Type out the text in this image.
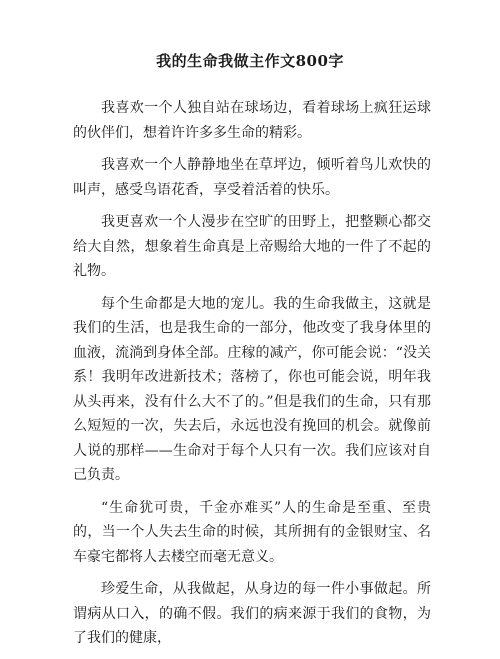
我的生命我做主作文800字

我喜欢一个人独自站在球场边，看着球场上疯狂运球的伙伴们，想着许许多多生命的精彩。

我喜欢一个人静静地坐在草坪边，倾听着鸟儿欢快的叫声，感受鸟语花香，享受着活着的快乐。

我更喜欢一个人漫步在空旷的田野上，把整颗心都交给大自然，想象着生命真是上帝赐给大地的一件了不起的礼物。

每个生命都是大地的宠儿。我的生命我做主，这就是我们的生活，也是我生命的一部分，他改变了我身体里的血液，流淌到身体全部。庄稼的减产，你可能会说：“没关系！我明年改进新技术；落榜了，你也可能会说，明年我从头再来，没有什么大不了的。”但是我们的生命，只有那么短短的一次，失去后，永远也没有挽回的机会。就像前人说的那样——生命对于每个人只有一次。我们应该对自己负责。

“生命犹可贵，千金亦难买”人的生命是至重、至贵的，当一个人失去生命的时候，其所拥有的金银财宝、名车豪宅都将人去楼空而毫无意义。

珍爱生命，从我做起，从身边的每一件小事做起。所谓病从口入，的确不假。我们的病来源于我们的食物，为了我们的健康，
